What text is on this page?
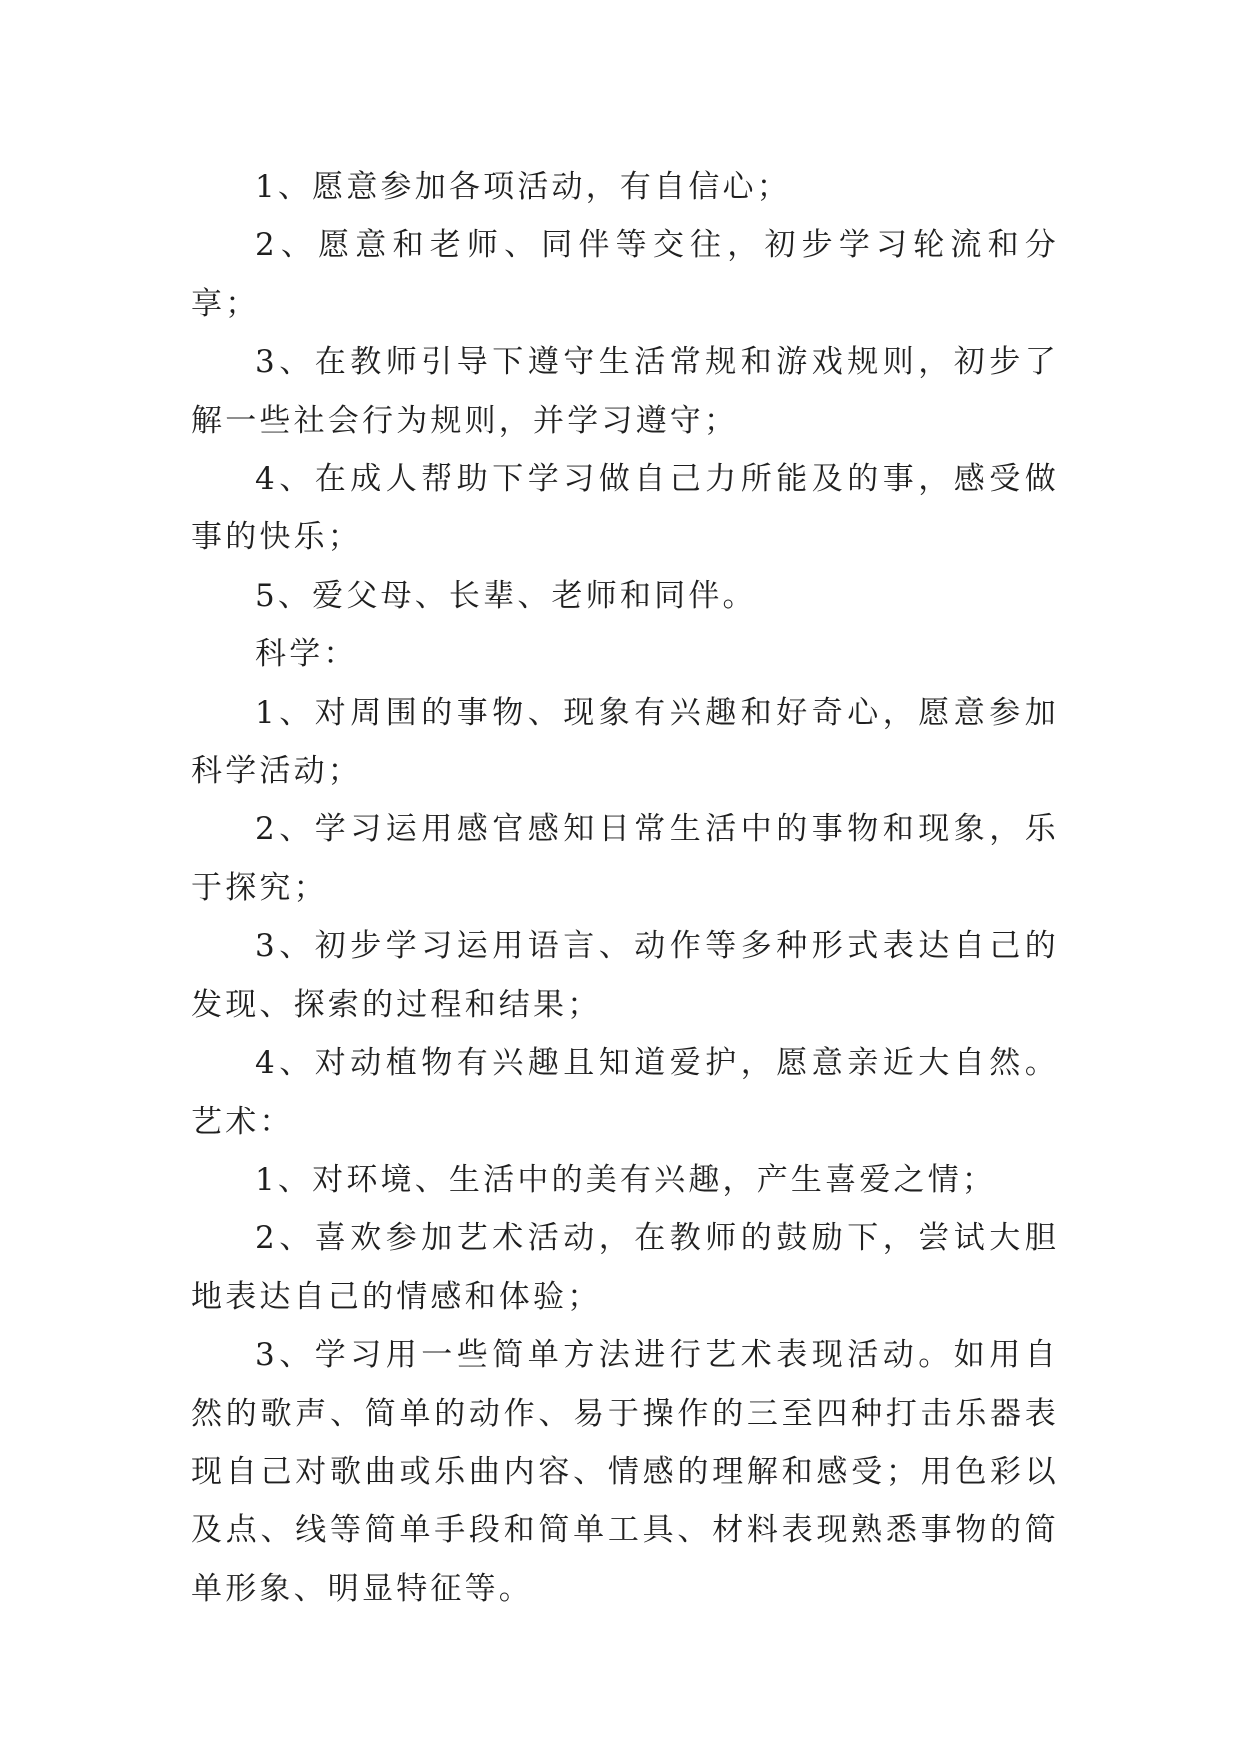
1、愿意参加各项活动，有自信心；

2、愿意和老师、同伴等交往，初步学习轮流和分享；

3、在教师引导下遵守生活常规和游戏规则，初步了解一些社会行为规则，并学习遵守；

4、在成人帮助下学习做自己力所能及的事，感受做事的快乐；

5、爱父母、长辈、老师和同伴。

科学：

1、对周围的事物、现象有兴趣和好奇心，愿意参加科学活动；

2、学习运用感官感知日常生活中的事物和现象，乐于探究；

3、初步学习运用语言、动作等多种形式表达自己的发现、探索的过程和结果；

4、对动植物有兴趣且知道爱护，愿意亲近大自然。艺术：

1、对环境、生活中的美有兴趣，产生喜爱之情；

2、喜欢参加艺术活动，在教师的鼓励下，尝试大胆地表达自己的情感和体验；

3、学习用一些简单方法进行艺术表现活动。如用自然的歌声、简单的动作、易于操作的三至四种打击乐器表现自己对歌曲或乐曲内容、情感的理解和感受；用色彩以及点、线等简单手段和简单工具、材料表现熟悉事物的简单形象、明显特征等。
